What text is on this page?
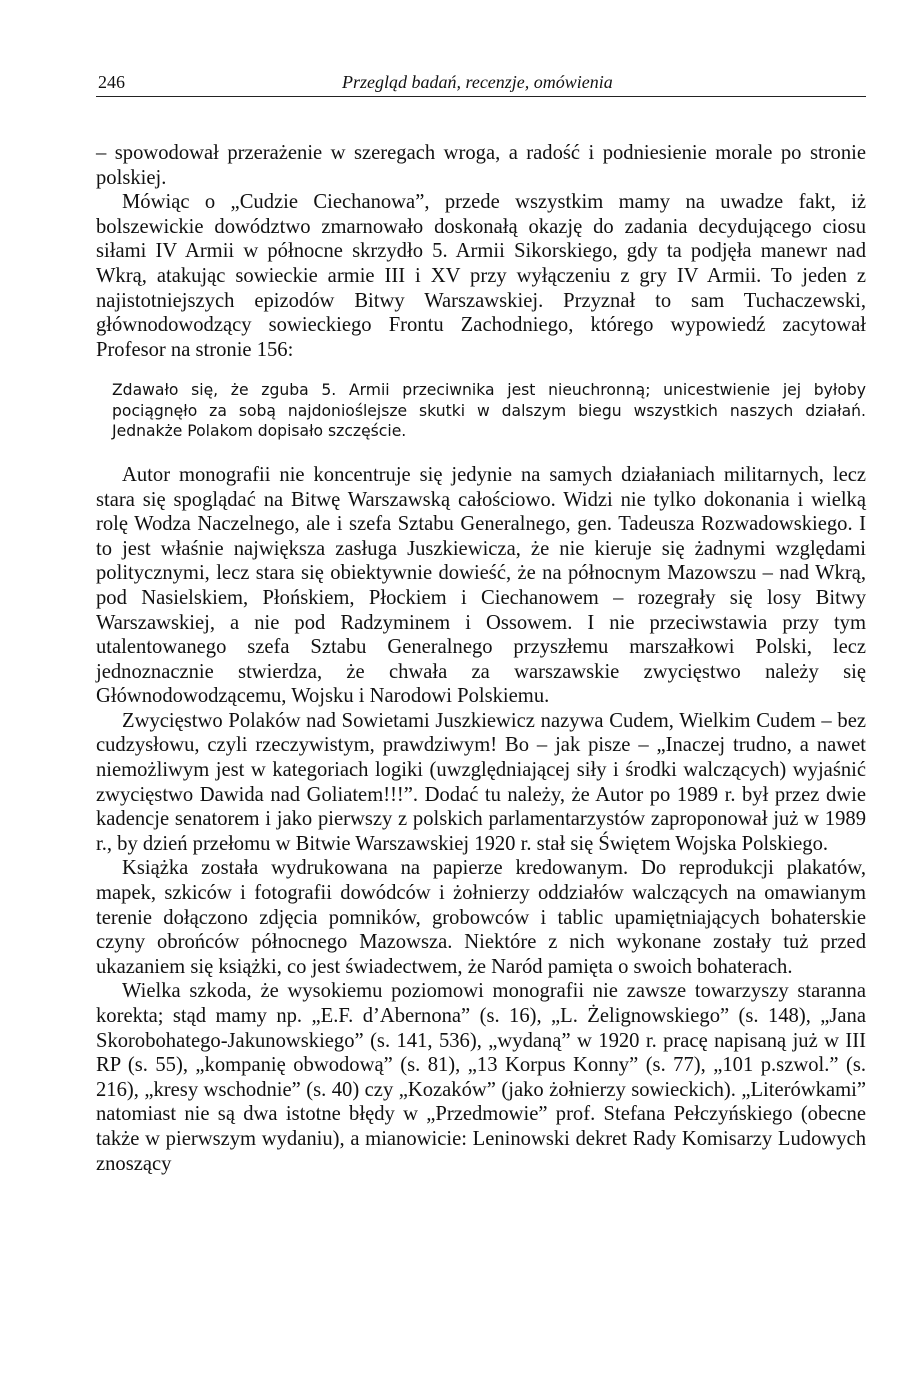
246	Przegląd badań, recenzje, omówienia

– spowodował przerażenie w szeregach wroga, a radość i podniesienie morale po stronie polskiej.

Mówiąc o „Cudzie Ciechanowa”, przede wszystkim mamy na uwadze fakt, iż bolszewickie dowództwo zmarnowało doskonałą okazję do zadania decydującego ciosu siłami IV Armii w północne skrzydło 5. Armii Sikorskiego, gdy ta podjęła manewr nad Wkrą, atakując sowieckie armie III i XV przy wyłączeniu z gry IV Armii. To jeden z najistotniejszych epizodów Bitwy Warszawskiej. Przyznał to sam Tuchaczewski, głównodowodzący sowieckiego Frontu Zachodniego, którego wypowiedź zacytował Profesor na stronie 156:

Zdawało się, że zguba 5. Armii przeciwnika jest nieuchronną; unicestwienie jej byłoby pociągnęło za sobą najdonioślejsze skutki w dalszym biegu wszystkich naszych działań. Jednakże Polakom dopisało szczęście.

Autor monografii nie koncentruje się jedynie na samych działaniach militarnych, lecz stara się spoglądać na Bitwę Warszawską całościowo. Widzi nie tylko dokonania i wielką rolę Wodza Naczelnego, ale i szefa Sztabu Generalnego, gen. Tadeusza Rozwadowskiego. I to jest właśnie największa zasługa Juszkiewicza, że nie kieruje się żadnymi względami politycznymi, lecz stara się obiektywnie dowieść, że na północnym Mazowszu – nad Wkrą, pod Nasielskiem, Płońskiem, Płockiem i Ciechanowem – rozegrały się losy Bitwy Warszawskiej, a nie pod Radzyminem i Ossowem. I nie przeciwstawia przy tym utalentowanego szefa Sztabu Generalnego przyszłemu marszałkowi Polski, lecz jednoznacznie stwierdza, że chwała za warszawskie zwycięstwo należy się Głównodowodzącemu, Wojsku i Narodowi Polskiemu.

Zwycięstwo Polaków nad Sowietami Juszkiewicz nazywa Cudem, Wielkim Cudem – bez cudzysłowu, czyli rzeczywistym, prawdziwym! Bo – jak pisze – „Inaczej trudno, a nawet niemożliwym jest w kategoriach logiki (uwzględniającej siły i środki walczących) wyjaśnić zwycięstwo Dawida nad Goliatem!!!”. Dodać tu należy, że Autor po 1989 r. był przez dwie kadencje senatorem i jako pierwszy z polskich parlamentarzystów zaproponował już w 1989 r., by dzień przełomu w Bitwie Warszawskiej 1920 r. stał się Świętem Wojska Polskiego.

Książka została wydrukowana na papierze kredowanym. Do reprodukcji plakatów, mapek, szkiców i fotografii dowódców i żołnierzy oddziałów walczących na omawianym terenie dołączono zdjęcia pomników, grobowców i tablic upamiętniających bohaterskie czyny obrońców północnego Mazowsza. Niektóre z nich wykonane zostały tuż przed ukazaniem się książki, co jest świadectwem, że Naród pamięta o swoich bohaterach.

Wielka szkoda, że wysokiemu poziomowi monografii nie zawsze towarzyszy staranna korekta; stąd mamy np. „E.F. d’Abernona” (s. 16), „L. Żelignowskiego” (s. 148), „Jana Skorobohatego-Jakunowskiego” (s. 141, 536), „wydaną” w 1920 r. pracę napisaną już w III RP (s. 55), „kompanię obwodową” (s. 81), „13 Korpus Konny” (s. 77), „101 p.szwol.” (s. 216), „kresy wschodnie” (s. 40) czy „Kozaków” (jako żołnierzy sowieckich). „Literówkami” natomiast nie są dwa istotne błędy w „Przedmowie” prof. Stefana Pełczyńskiego (obecne także w pierwszym wydaniu), a mianowicie: Leninowski dekret Rady Komisarzy Ludowych znoszący
